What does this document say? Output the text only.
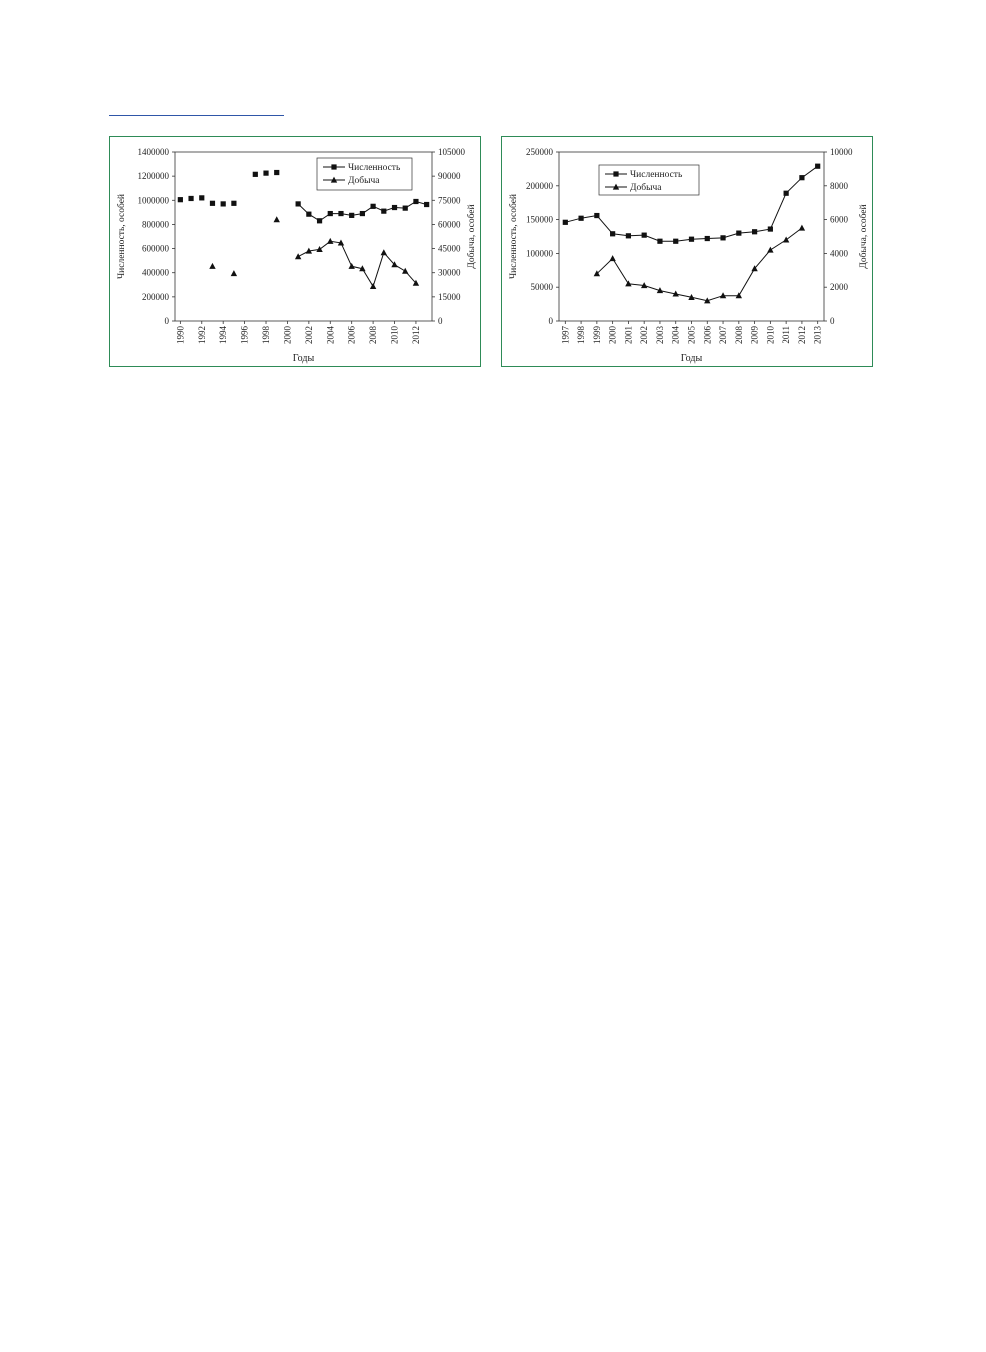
0
200000
400000
600000
800000
1000000
1200000
1400000
0
15000
30000
45000
60000
75000
90000
105000
1990 1992 1994 1996 1998 2000 2002 2004 2006 2008 2010 2012
Годы
Численность, особей	Добыча, особей
Численность
Добыча
0
50000
100000
150000
200000
250000
0
2000
4000
6000
8000
10000
1997 1998 1999 2000 2001 2002 2003 2004 2005 2006 2007 2008 2009 2010 2011 2012 2013
Годы
Численность, особей	Добыча, особей
Численность
Добыча
